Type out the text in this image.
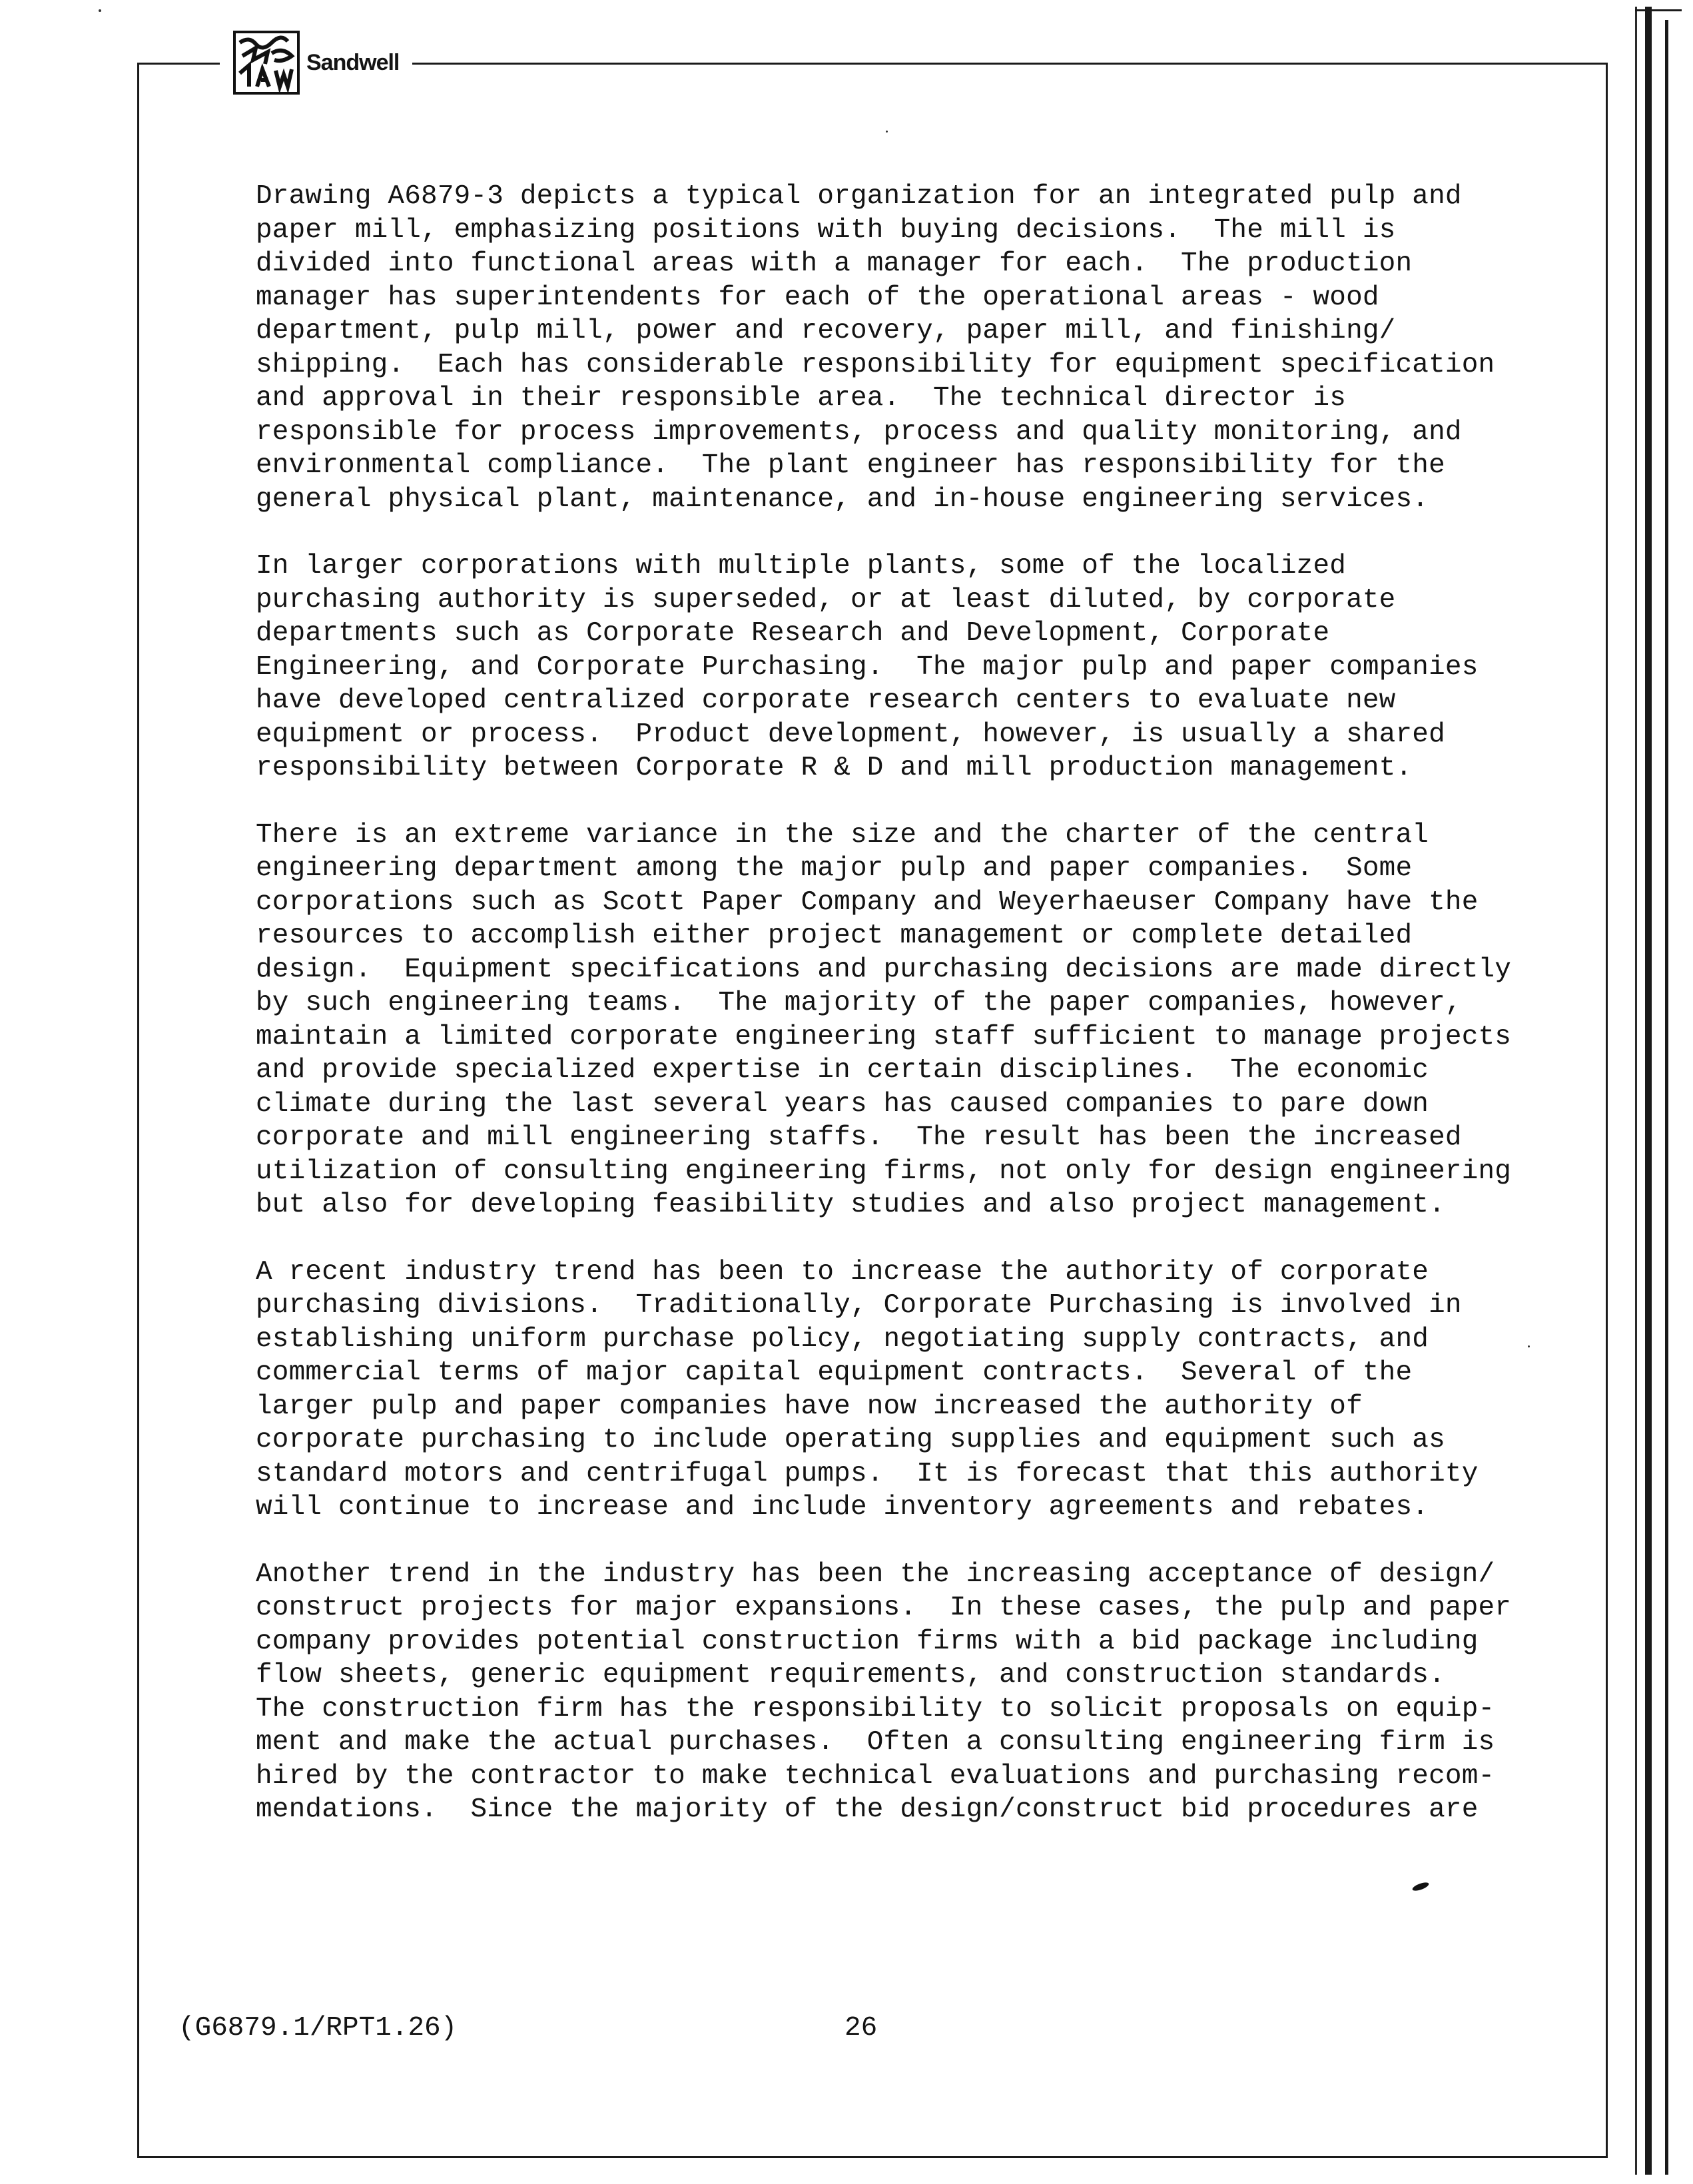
Sandwell

Drawing A6879-3 depicts a typical organization for an integrated pulp and
paper mill, emphasizing positions with buying decisions.  The mill is
divided into functional areas with a manager for each.  The production
manager has superintendents for each of the operational areas - wood
department, pulp mill, power and recovery, paper mill, and finishing/
shipping.  Each has considerable responsibility for equipment specification
and approval in their responsible area.  The technical director is
responsible for process improvements, process and quality monitoring, and
environmental compliance.  The plant engineer has responsibility for the
general physical plant, maintenance, and in-house engineering services.

In larger corporations with multiple plants, some of the localized
purchasing authority is superseded, or at least diluted, by corporate
departments such as Corporate Research and Development, Corporate
Engineering, and Corporate Purchasing.  The major pulp and paper companies
have developed centralized corporate research centers to evaluate new
equipment or process.  Product development, however, is usually a shared
responsibility between Corporate R & D and mill production management.

There is an extreme variance in the size and the charter of the central
engineering department among the major pulp and paper companies.  Some
corporations such as Scott Paper Company and Weyerhaeuser Company have the
resources to accomplish either project management or complete detailed
design.  Equipment specifications and purchasing decisions are made directly
by such engineering teams.  The majority of the paper companies, however,
maintain a limited corporate engineering staff sufficient to manage projects
and provide specialized expertise in certain disciplines.  The economic
climate during the last several years has caused companies to pare down
corporate and mill engineering staffs.  The result has been the increased
utilization of consulting engineering firms, not only for design engineering
but also for developing feasibility studies and also project management.

A recent industry trend has been to increase the authority of corporate
purchasing divisions.  Traditionally, Corporate Purchasing is involved in
establishing uniform purchase policy, negotiating supply contracts, and
commercial terms of major capital equipment contracts.  Several of the
larger pulp and paper companies have now increased the authority of
corporate purchasing to include operating supplies and equipment such as
standard motors and centrifugal pumps.  It is forecast that this authority
will continue to increase and include inventory agreements and rebates.

Another trend in the industry has been the increasing acceptance of design/
construct projects for major expansions.  In these cases, the pulp and paper
company provides potential construction firms with a bid package including
flow sheets, generic equipment requirements, and construction standards.
The construction firm has the responsibility to solicit proposals on equip-
ment and make the actual purchases.  Often a consulting engineering firm is
hired by the contractor to make technical evaluations and purchasing recom-
mendations.  Since the majority of the design/construct bid procedures are

(G6879.1/RPT1.26)	26
